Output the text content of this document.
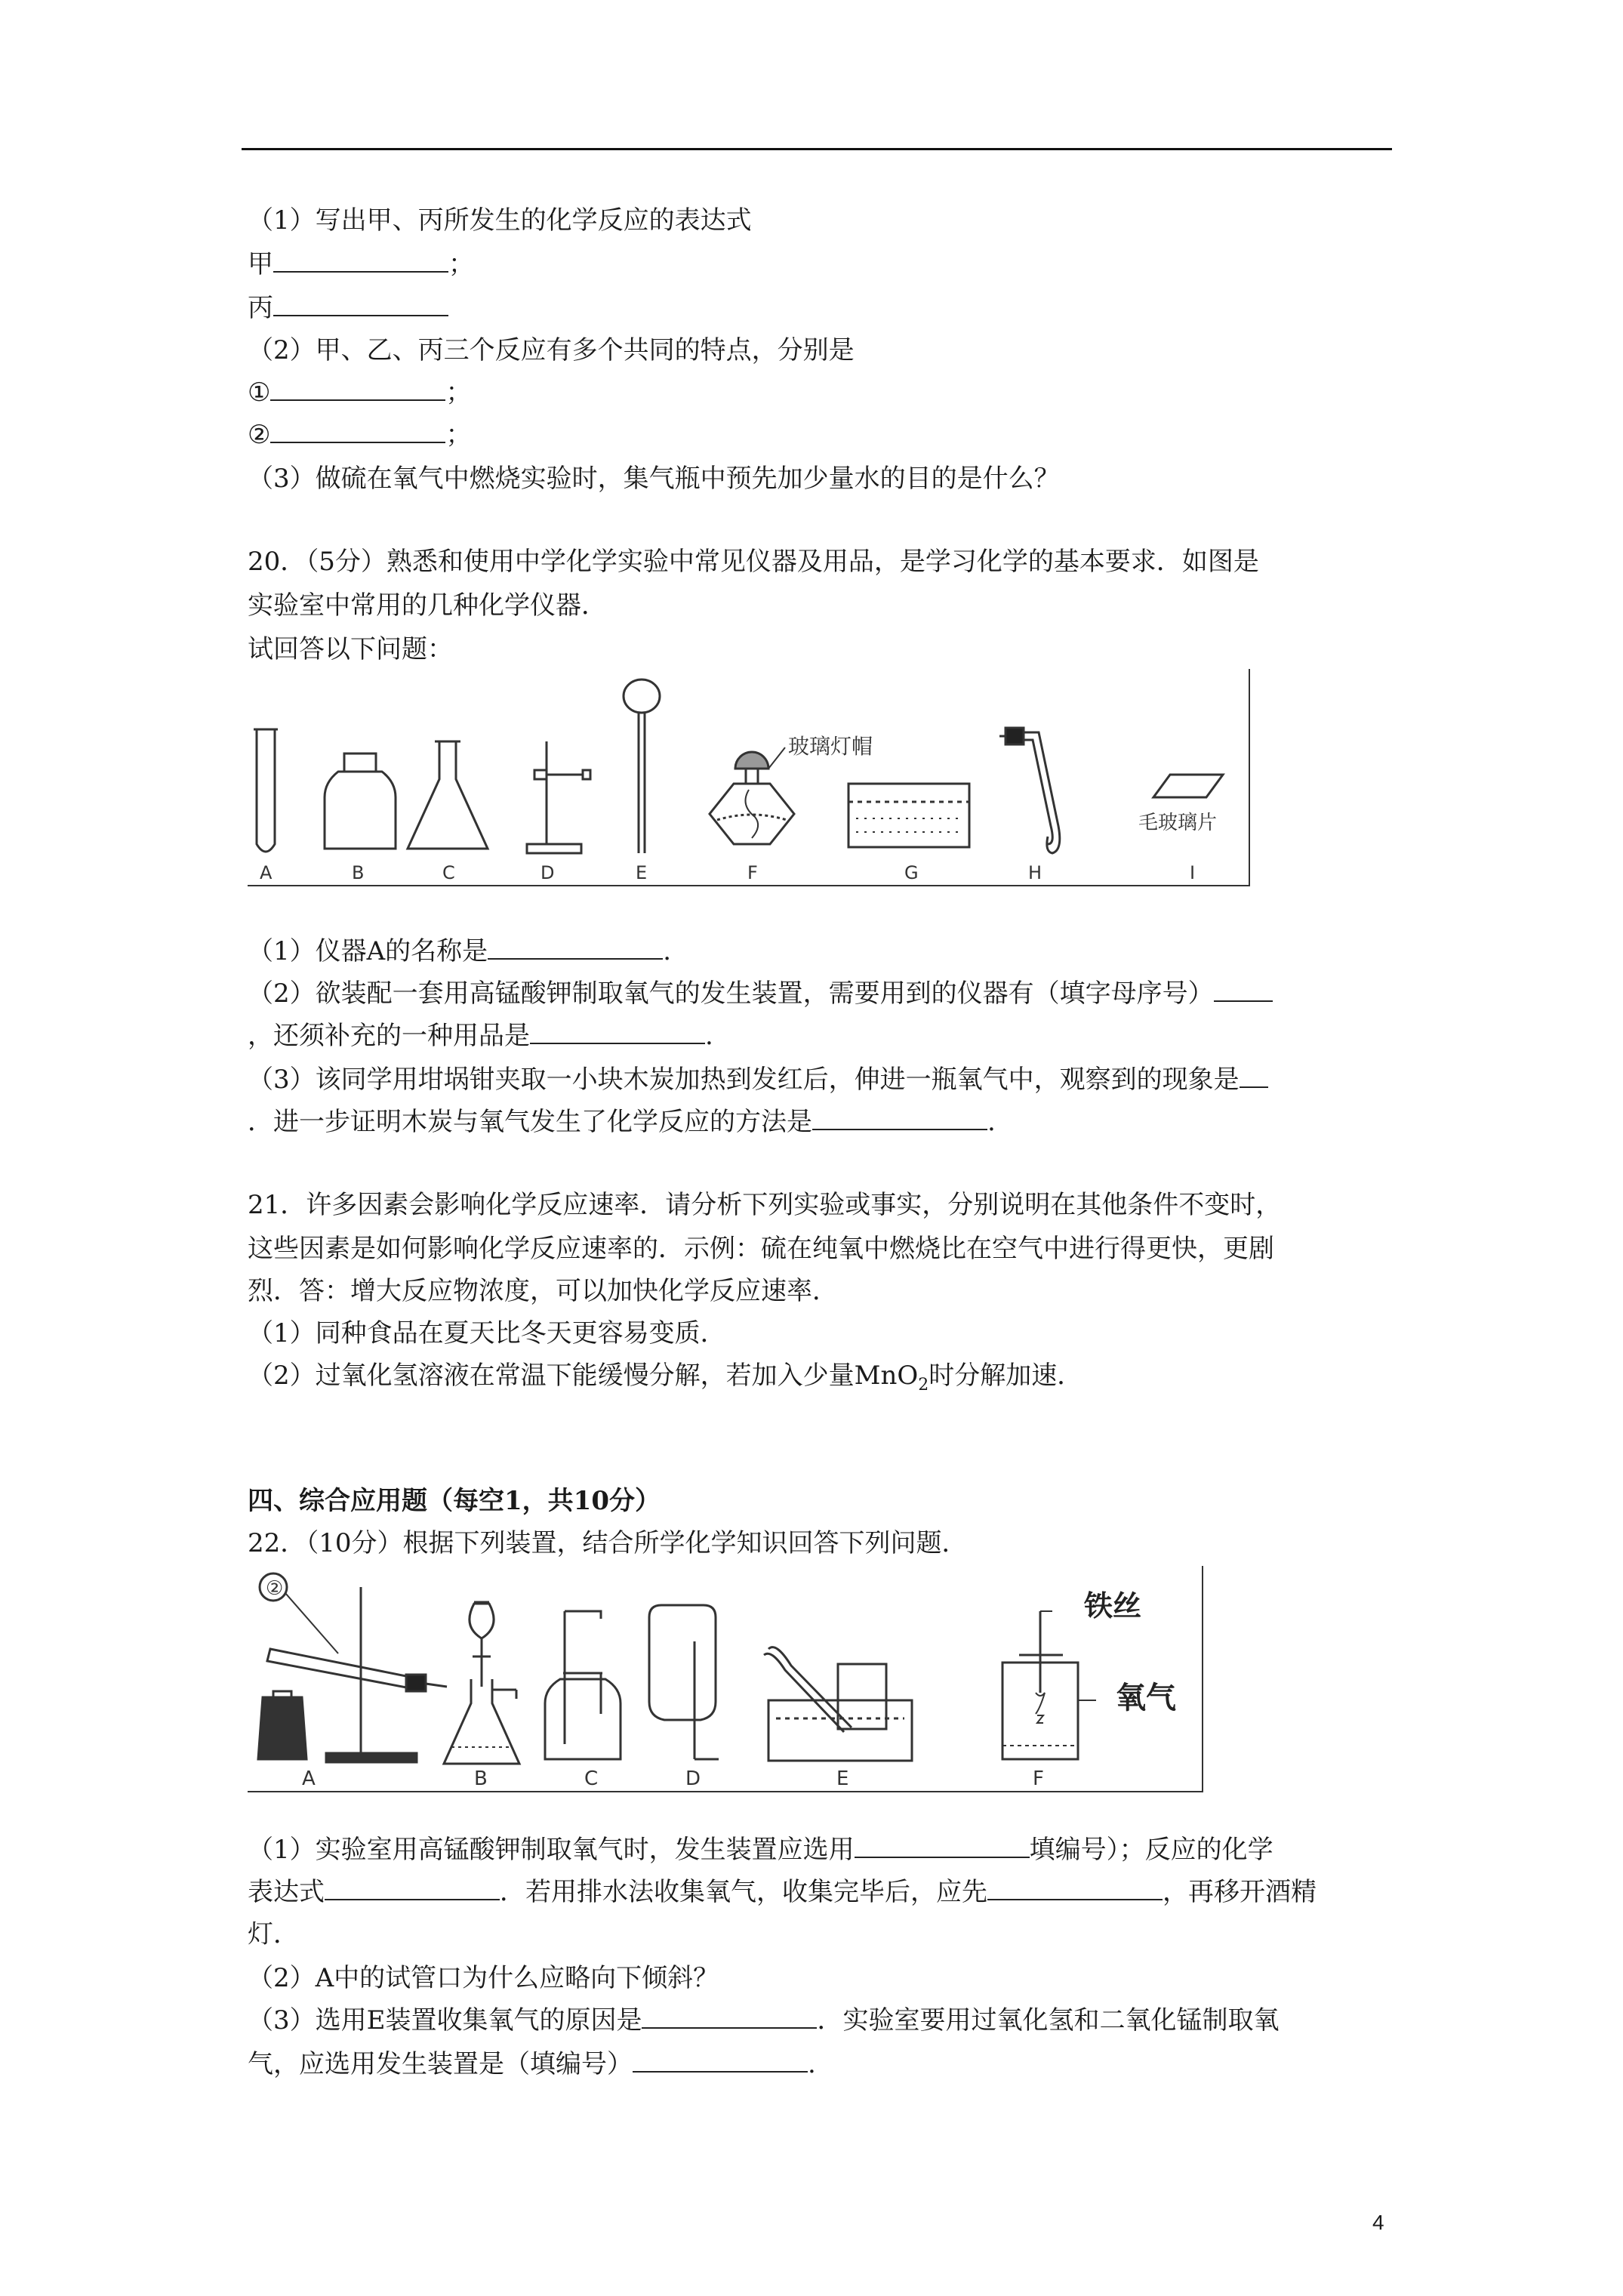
（1）写出甲、丙所发生的化学反应的表达式
甲	；
丙
（2）甲、乙、丙三个反应有多个共同的特点，分别是
①	；
②	；
（3）做硫在氧气中燃烧实验时，集气瓶中预先加少量水的目的是什么？
20．（5分）熟悉和使用中学化学实验中常见仪器及用品，是学习化学的基本要求．如图是
实验室中常用的几种化学仪器．
试回答以下问题：
玻璃灯帽
毛玻璃片
A	B	C	D	E	F	G	H	I
（1）仪器A的名称是	.
（2）欲装配一套用高锰酸钾制取氧气的发生装置，需要用到的仪器有（填字母序号）
，还须补充的一种用品是	.
（3）该同学用坩埚钳夹取一小块木炭加热到发红后，伸进一瓶氧气中，观察到的现象是
．进一步证明木炭与氧气发生了化学反应的方法是	.
21．许多因素会影响化学反应速率．请分析下列实验或事实，分别说明在其他条件不变时，
这些因素是如何影响化学反应速率的．示例：硫在纯氧中燃烧比在空气中进行得更快，更剧
烈．答：增大反应物浓度，可以加快化学反应速率．
（1）同种食品在夏天比冬天更容易变质．
（2）过氧化氢溶液在常温下能缓慢分解，若加入少量MnO$_2$时分解加速．
四、综合应用题（每空1，共10分）
22．（10分）根据下列装置，结合所学化学知识回答下列问题．
②
铁丝
氧气
A	B	C	D	E	F
（1）实验室用高锰酸钾制取氧气时，发生装置应选用	填编号）；反应的化学
表达式	．若用排水法收集氧气，收集完毕后，应先	，再移开酒精
灯．
（2）A中的试管口为什么应略向下倾斜？
（3）选用E装置收集氧气的原因是	．实验室要用过氧化氢和二氧化锰制取氧
气，应选用发生装置是（填编号）	.
4
